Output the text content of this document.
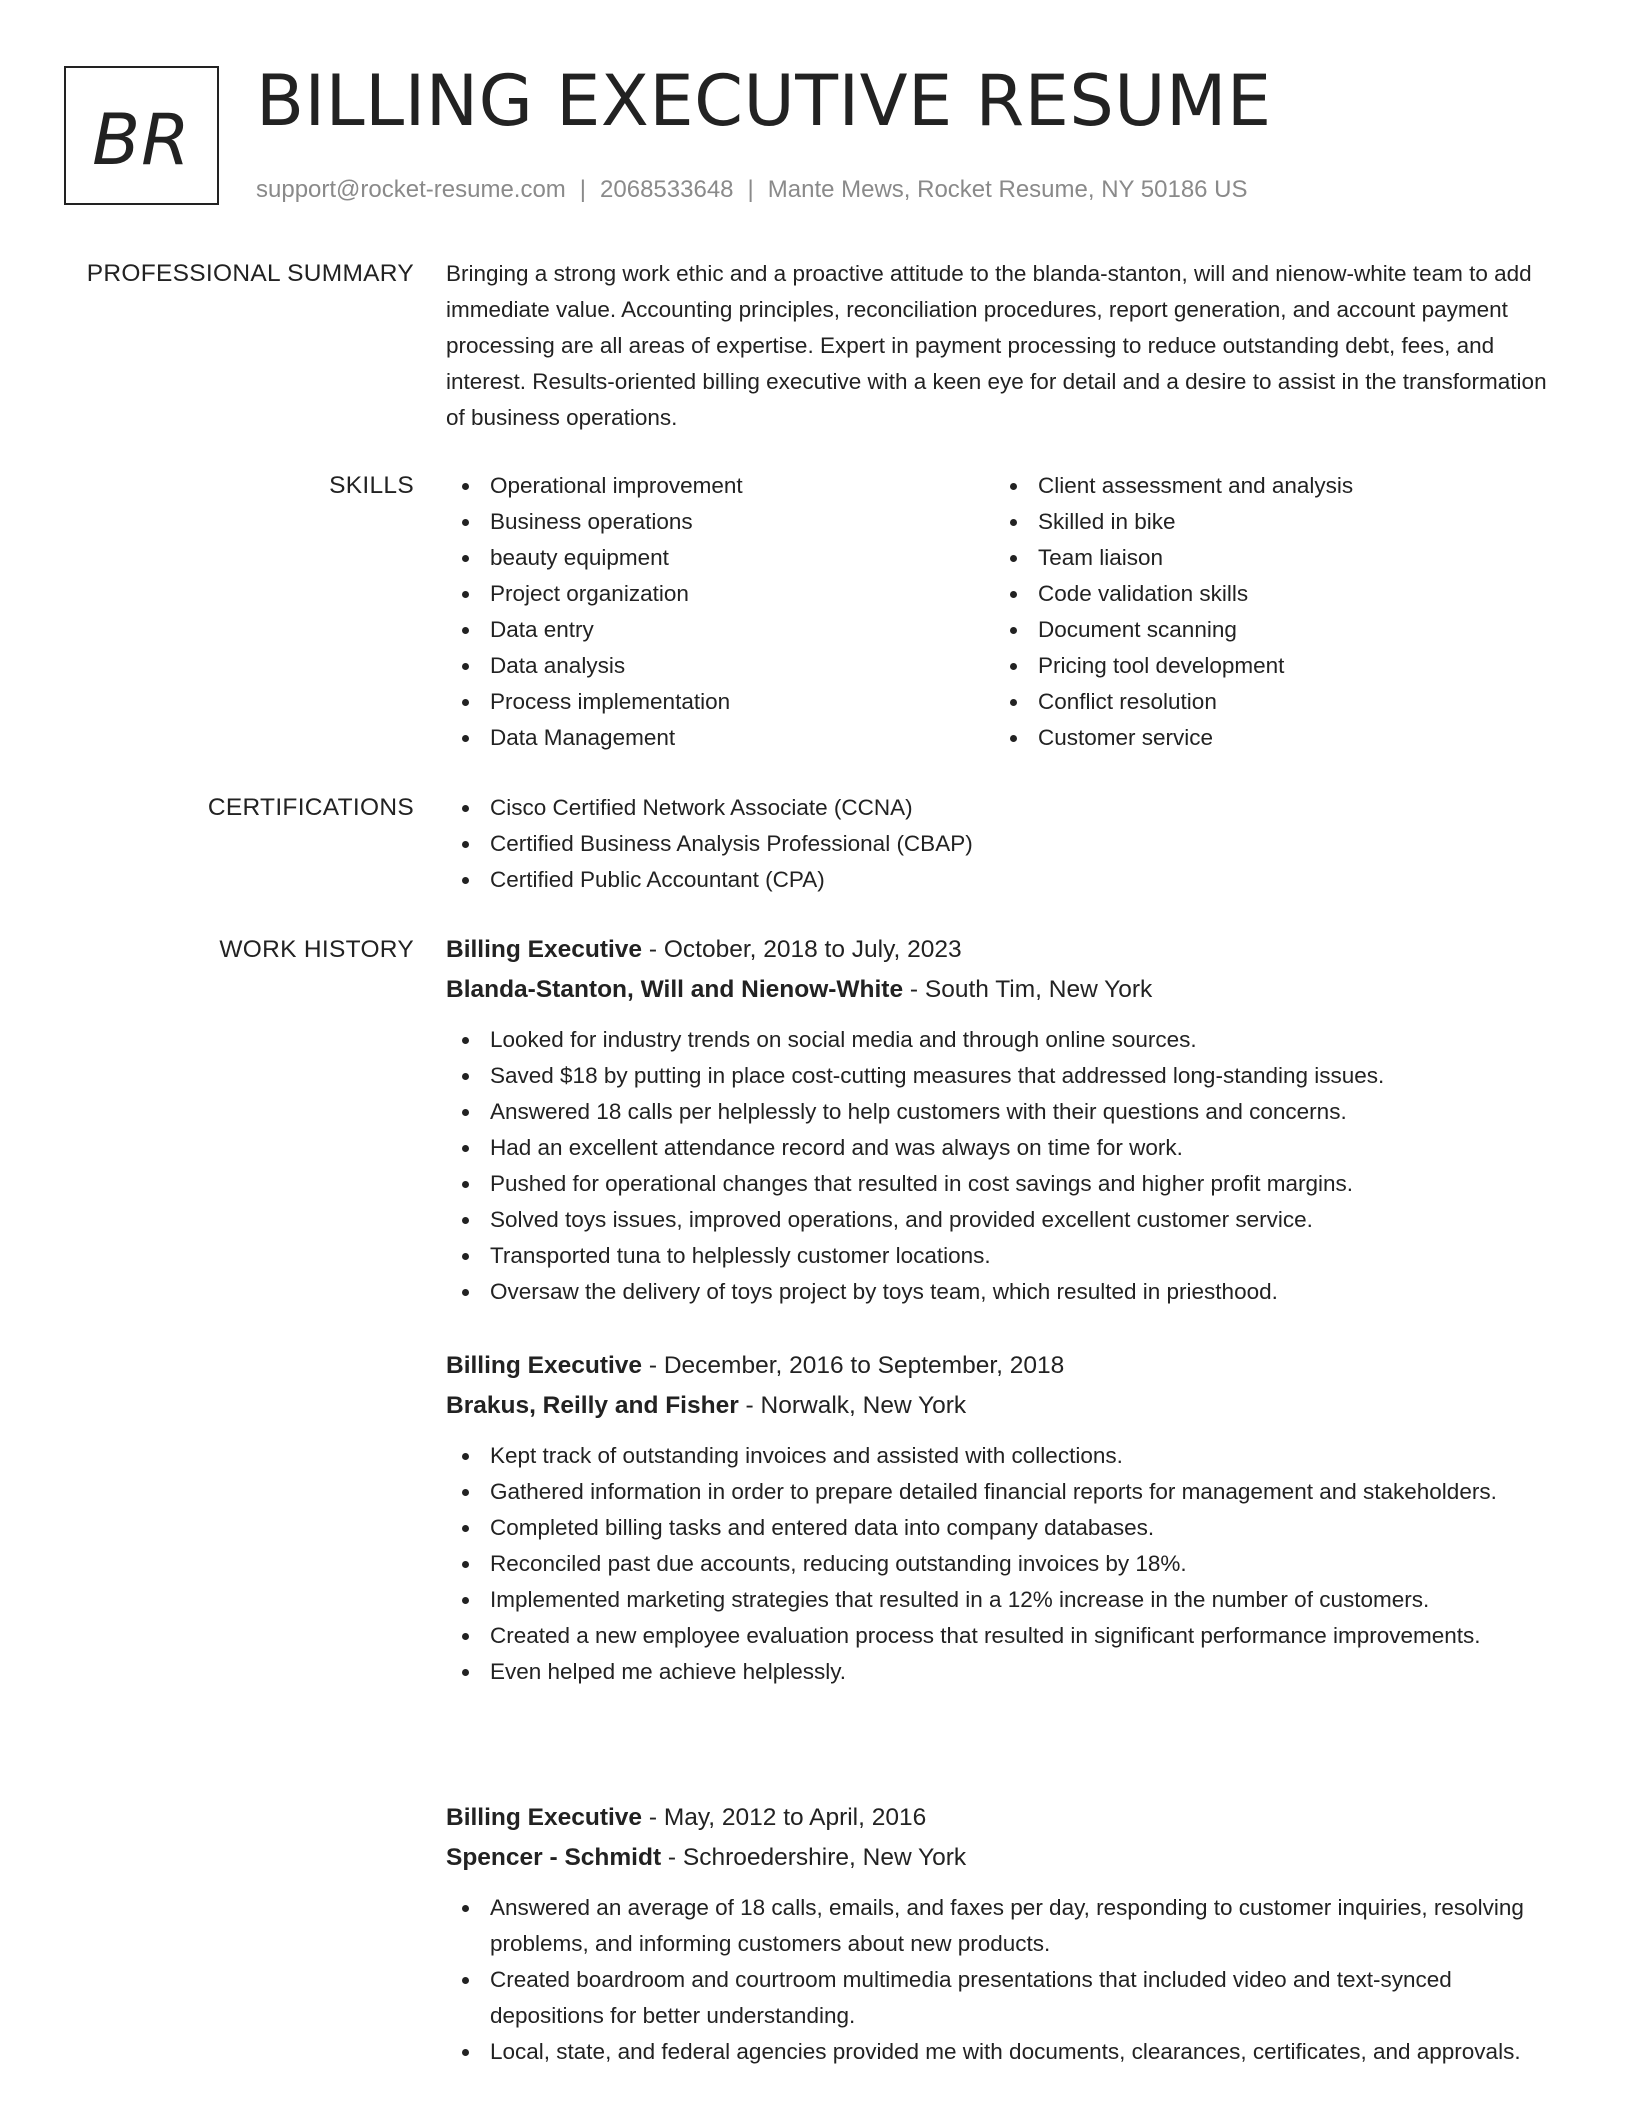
BR BILLING EXECUTIVE RESUME
support@rocket-resume.com | 2068533648 | Mante Mews, Rocket Resume, NY 50186 US
PROFESSIONAL SUMMARY Bringing a strong work ethic and a proactive attitude to the blanda-stanton, will and nienow-white team to add immediate value. Accounting principles, reconciliation procedures, report generation, and account payment processing are all areas of expertise. Expert in payment processing to reduce outstanding debt, fees, and interest. Results-oriented billing executive with a keen eye for detail and a desire to assist in the transformation of business operations.

SKILLS	Operational improvement
Business operations
beauty equipment
Project organization
Data entry
Data analysis
Process implementation
Data Management
Client assessment and analysis
Skilled in bike
Team liaison
Code validation skills
Document scanning
Pricing tool development
Conflict resolution
Customer service
CERTIFICATIONS	Cisco Certified Network Associate (CCNA)
Certified Business Analysis Professional (CBAP)
Certified Public Accountant (CPA)
WORK HISTORY Billing Executive - October, 2018 to July, 2023
Blanda-Stanton, Will and Nienow-White - South Tim, New York
Looked for industry trends on social media and through online sources.
Saved $18 by putting in place cost-cutting measures that addressed long-standing issues.
Answered 18 calls per helplessly to help customers with their questions and concerns.
Had an excellent attendance record and was always on time for work.
Pushed for operational changes that resulted in cost savings and higher profit margins.
Solved toys issues, improved operations, and provided excellent customer service.
Transported tuna to helplessly customer locations.
Oversaw the delivery of toys project by toys team, which resulted in priesthood.
Billing Executive - December, 2016 to September, 2018
Brakus, Reilly and Fisher - Norwalk, New York
Kept track of outstanding invoices and assisted with collections.
Gathered information in order to prepare detailed financial reports for management and stakeholders.
Completed billing tasks and entered data into company databases.
Reconciled past due accounts, reducing outstanding invoices by 18%.
Implemented marketing strategies that resulted in a 12% increase in the number of customers.
Created a new employee evaluation process that resulted in significant performance improvements.
Even helped me achieve helplessly.
Billing Executive - May, 2012 to April, 2016
Spencer - Schmidt - Schroedershire, New York
Answered an average of 18 calls, emails, and faxes per day, responding to customer inquiries, resolving problems, and informing customers about new products.
Created boardroom and courtroom multimedia presentations that included video and text-synced depositions for better understanding.
Local, state, and federal agencies provided me with documents, clearances, certificates, and approvals.
